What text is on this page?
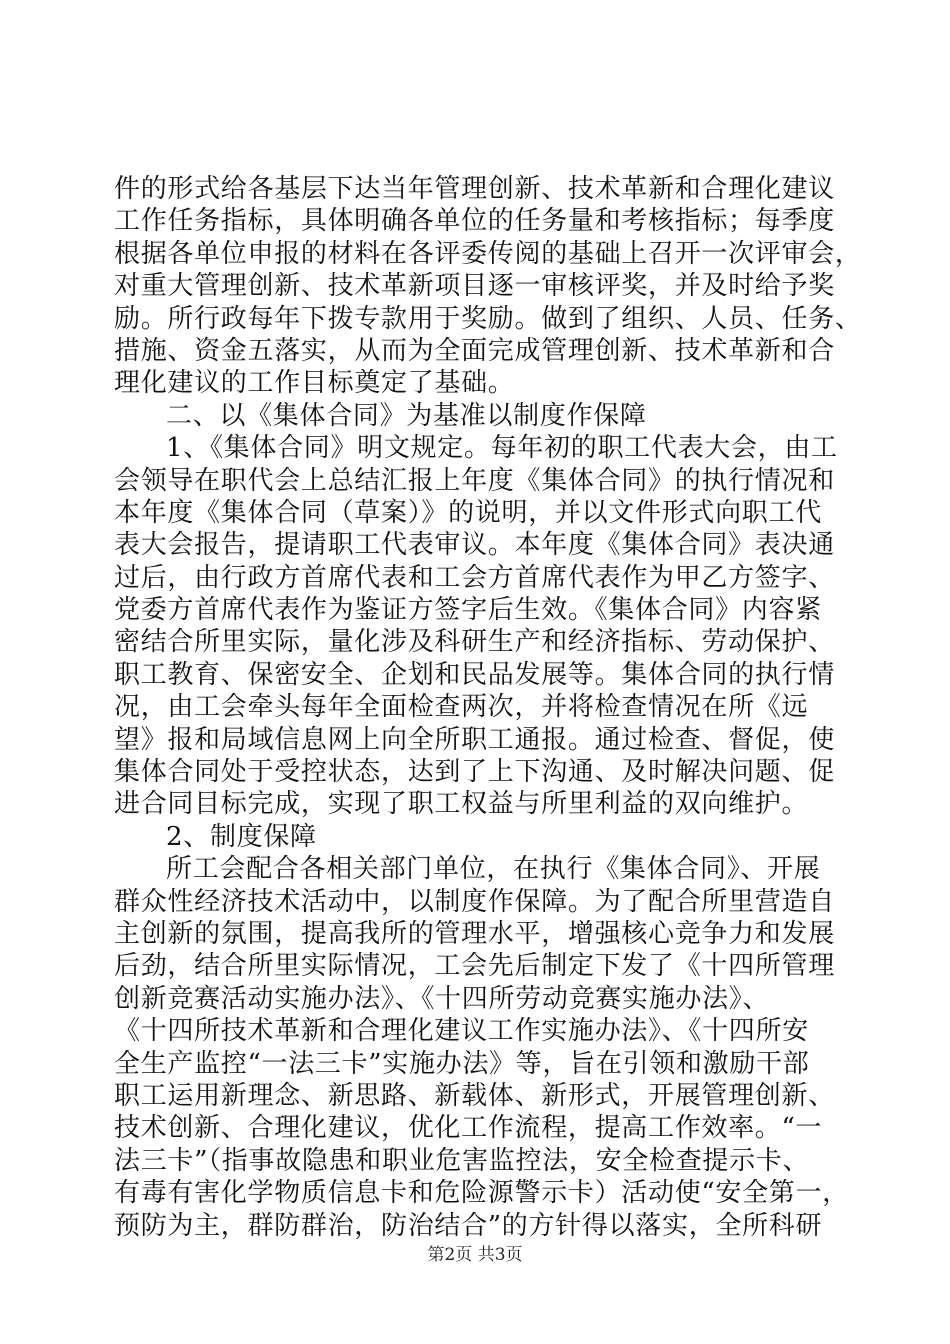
件的形式给各基层下达当年管理创新、技术革新和合理化建议
工作任务指标，具体明确各单位的任务量和考核指标；每季度
根据各单位申报的材料在各评委传阅的基础上召开一次评审会，
对重大管理创新、技术革新项目逐一审核评奖，并及时给予奖
励。所行政每年下拨专款用于奖励。做到了组织、人员、任务、
措施、资金五落实，从而为全面完成管理创新、技术革新和合
理化建议的工作目标奠定了基础。
二、以《集体合同》为基准以制度作保障
1、《集体合同》明文规定。每年初的职工代表大会，由工
会领导在职代会上总结汇报上年度《集体合同》的执行情况和
本年度《集体合同（草案）》的说明，并以文件形式向职工代
表大会报告，提请职工代表审议。本年度《集体合同》表决通
过后，由行政方首席代表和工会方首席代表作为甲乙方签字、
党委方首席代表作为鉴证方签字后生效。《集体合同》内容紧
密结合所里实际，量化涉及科研生产和经济指标、劳动保护、
职工教育、保密安全、企划和民品发展等。集体合同的执行情
况，由工会牵头每年全面检查两次，并将检查情况在所《远
望》报和局域信息网上向全所职工通报。通过检查、督促，使
集体合同处于受控状态，达到了上下沟通、及时解决问题、促
进合同目标完成，实现了职工权益与所里利益的双向维护。
2、制度保障
所工会配合各相关部门单位，在执行《集体合同》、开展
群众性经济技术活动中，以制度作保障。为了配合所里营造自
主创新的氛围，提高我所的管理水平，增强核心竞争力和发展
后劲，结合所里实际情况，工会先后制定下发了《十四所管理
创新竞赛活动实施办法》、《十四所劳动竞赛实施办法》、
《十四所技术革新和合理化建议工作实施办法》、《十四所安
全生产监控“一法三卡”实施办法》等，旨在引领和激励干部
职工运用新理念、新思路、新载体、新形式，开展管理创新、
技术创新、合理化建议，优化工作流程，提高工作效率。“一
法三卡”（指事故隐患和职业危害监控法，安全检查提示卡、
有毒有害化学物质信息卡和危险源警示卡）活动使“安全第一，
预防为主，群防群治，防治结合”的方针得以落实，全所科研
第2页 共3页
